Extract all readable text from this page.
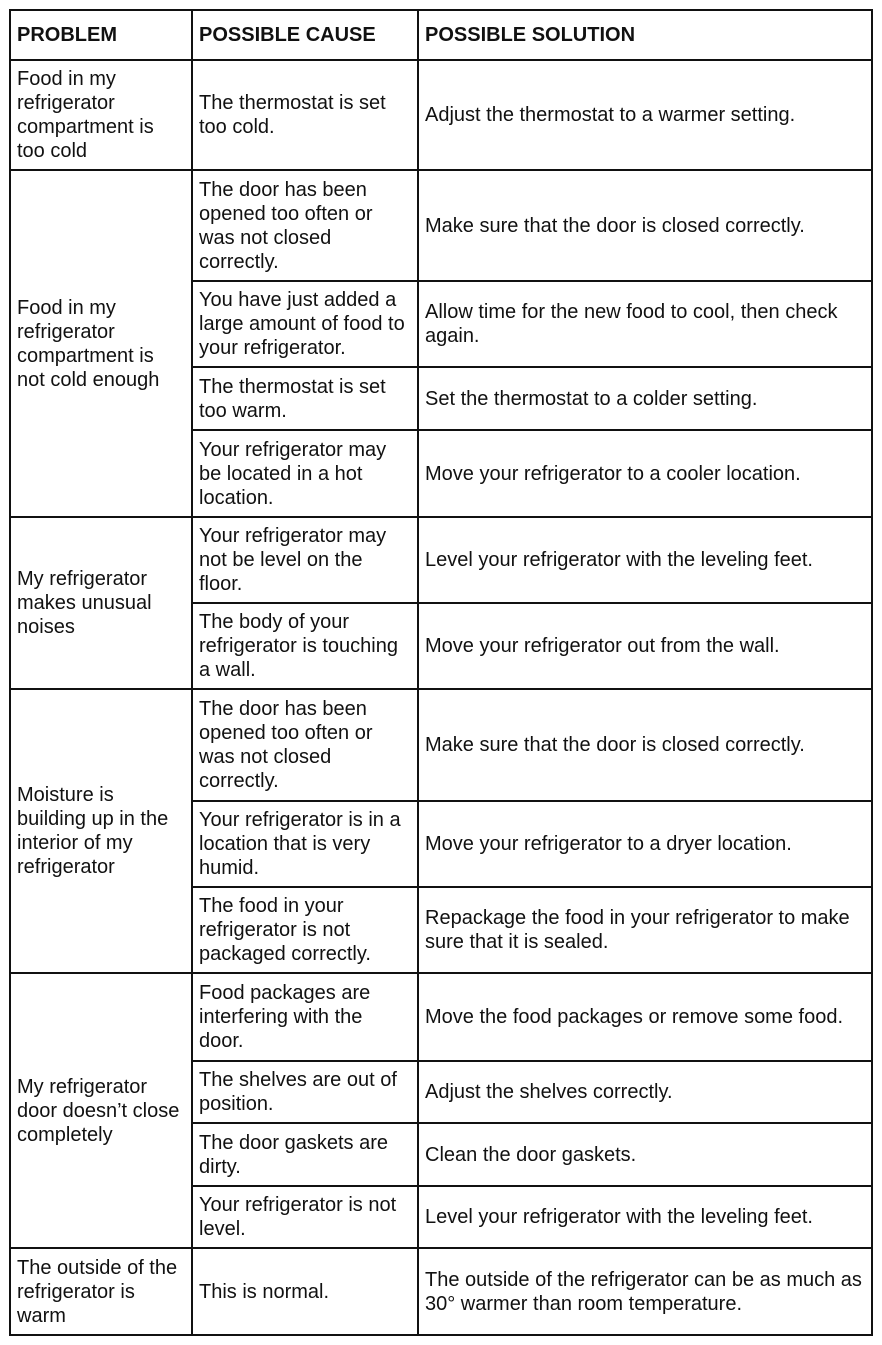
PROBLEM	POSSIBLE CAUSE	POSSIBLE SOLUTION
Food in my refrigerator compartment is too cold	The thermostat is set too cold.	Adjust the thermostat to a warmer setting.
Food in my refrigerator compartment is not cold enough	The door has been opened too often or was not closed correctly.	Make sure that the door is closed correctly.
	You have just added a large amount of food to your refrigerator.	Allow time for the new food to cool, then check again.
	The thermostat is set too warm.	Set the thermostat to a colder setting.
	Your refrigerator may be located in a hot location.	Move your refrigerator to a cooler location.
My refrigerator makes unusual noises	Your refrigerator may not be level on the floor.	Level your refrigerator with the leveling feet.
	The body of your refrigerator is touching a wall.	Move your refrigerator out from the wall.
Moisture is building up in the interior of my refrigerator	The door has been opened too often or was not closed correctly.	Make sure that the door is closed correctly.
	Your refrigerator is in a location that is very humid.	Move your refrigerator to a dryer location.
	The food in your refrigerator is not packaged correctly.	Repackage the food in your refrigerator to make sure that it is sealed.
My refrigerator door doesn’t close completely	Food packages are interfering with the door.	Move the food packages or remove some food.
	The shelves are out of position.	Adjust the shelves correctly.
	The door gaskets are dirty.	Clean the door gaskets.
	Your refrigerator is not level.	Level your refrigerator with the leveling feet.
The outside of the refrigerator is warm	This is normal.	The outside of the refrigerator can be as much as 30° warmer than room temperature.
